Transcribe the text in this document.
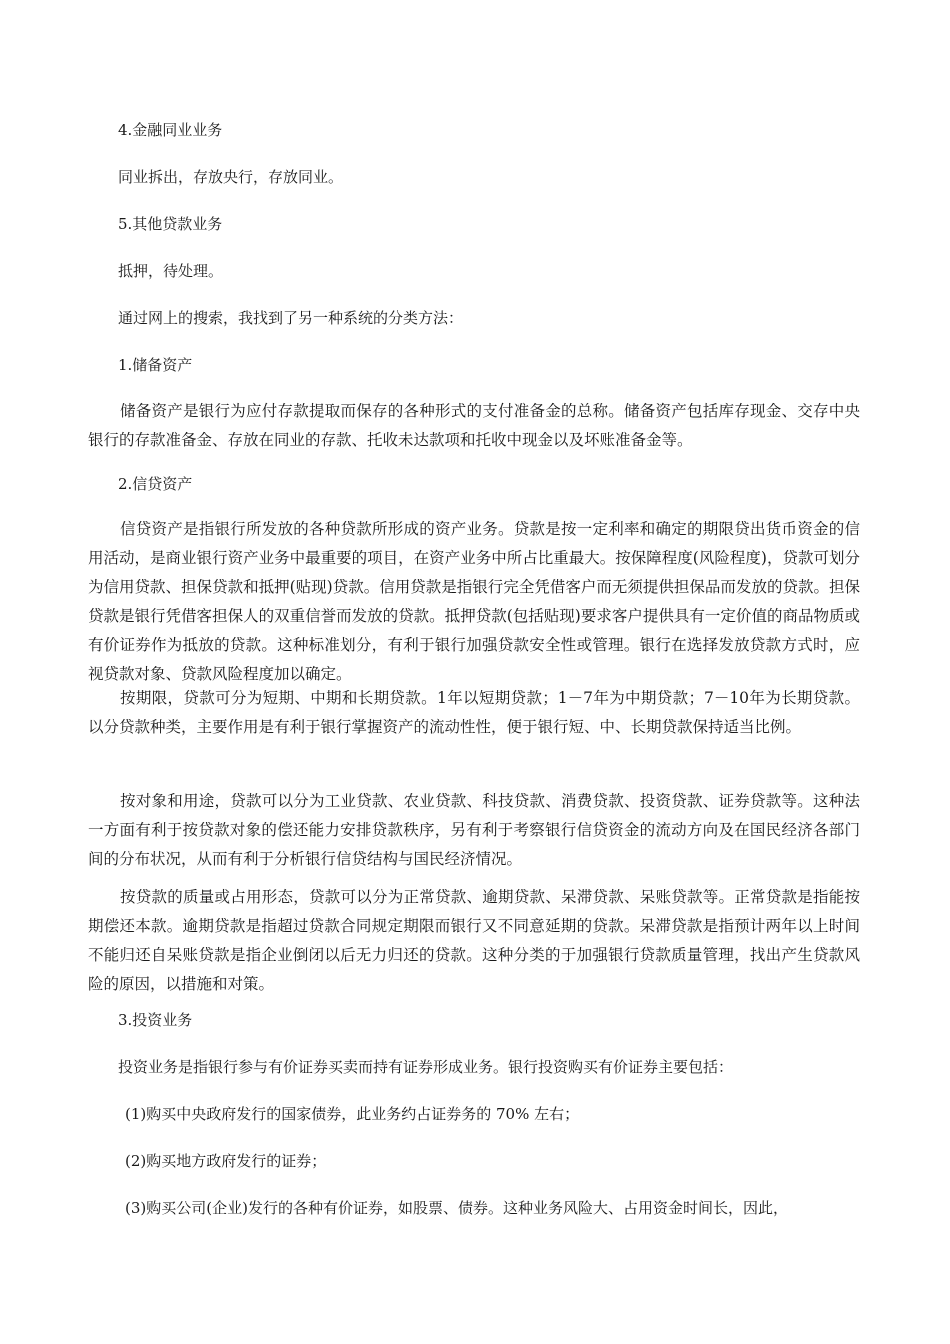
4.金融同业业务

同业拆出，存放央行，存放同业。

5.其他贷款业务

抵押，待处理。

通过网上的搜索，我找到了另一种系统的分类方法：

1.储备资产

储备资产是银行为应付存款提取而保存的各种形式的支付准备金的总称。储备资产包括库存现金、交存中央银行的存款准备金、存放在同业的存款、托收未达款项和托收中现金以及坏账准备金等。

2.信贷资产

信贷资产是指银行所发放的各种贷款所形成的资产业务。贷款是按一定利率和确定的期限贷出货币资金的信用活动，是商业银行资产业务中最重要的项目，在资产业务中所占比重最大。按保障程度(风险程度)，贷款可划分为信用贷款、担保贷款和抵押(贴现)贷款。信用贷款是指银行完全凭借客户而无须提供担保品而发放的贷款。担保贷款是银行凭借客担保人的双重信誉而发放的贷款。抵押贷款(包括贴现)要求客户提供具有一定价值的商品物质或有价证券作为抵放的贷款。这种标准划分，有利于银行加强贷款安全性或管理。银行在选择发放贷款方式时，应视贷款对象、贷款风险程度加以确定。

按期限，贷款可分为短期、中期和长期贷款。1年以短期贷款；1－7年为中期贷款；7－10年为长期贷款。以分贷款种类，主要作用是有利于银行掌握资产的流动性性，便于银行短、中、长期贷款保持适当比例。

按对象和用途，贷款可以分为工业贷款、农业贷款、科技贷款、消费贷款、投资贷款、证券贷款等。这种法一方面有利于按贷款对象的偿还能力安排贷款秩序，另有利于考察银行信贷资金的流动方向及在国民经济各部门间的分布状况，从而有利于分析银行信贷结构与国民经济情况。

按贷款的质量或占用形态，贷款可以分为正常贷款、逾期贷款、呆滞贷款、呆账贷款等。正常贷款是指能按期偿还本款。逾期贷款是指超过贷款合同规定期限而银行又不同意延期的贷款。呆滞贷款是指预计两年以上时间不能归还自呆账贷款是指企业倒闭以后无力归还的贷款。这种分类的于加强银行贷款质量管理，找出产生贷款风险的原因，以措施和对策。

3.投资业务

投资业务是指银行参与有价证券买卖而持有证券形成业务。银行投资购买有价证券主要包括：

(1)购买中央政府发行的国家债券，此业务约占证券务的 70% 左右；

(2)购买地方政府发行的证券；

(3)购买公司(企业)发行的各种有价证券，如股票、债券。这种业务风险大、占用资金时间长，因此，
